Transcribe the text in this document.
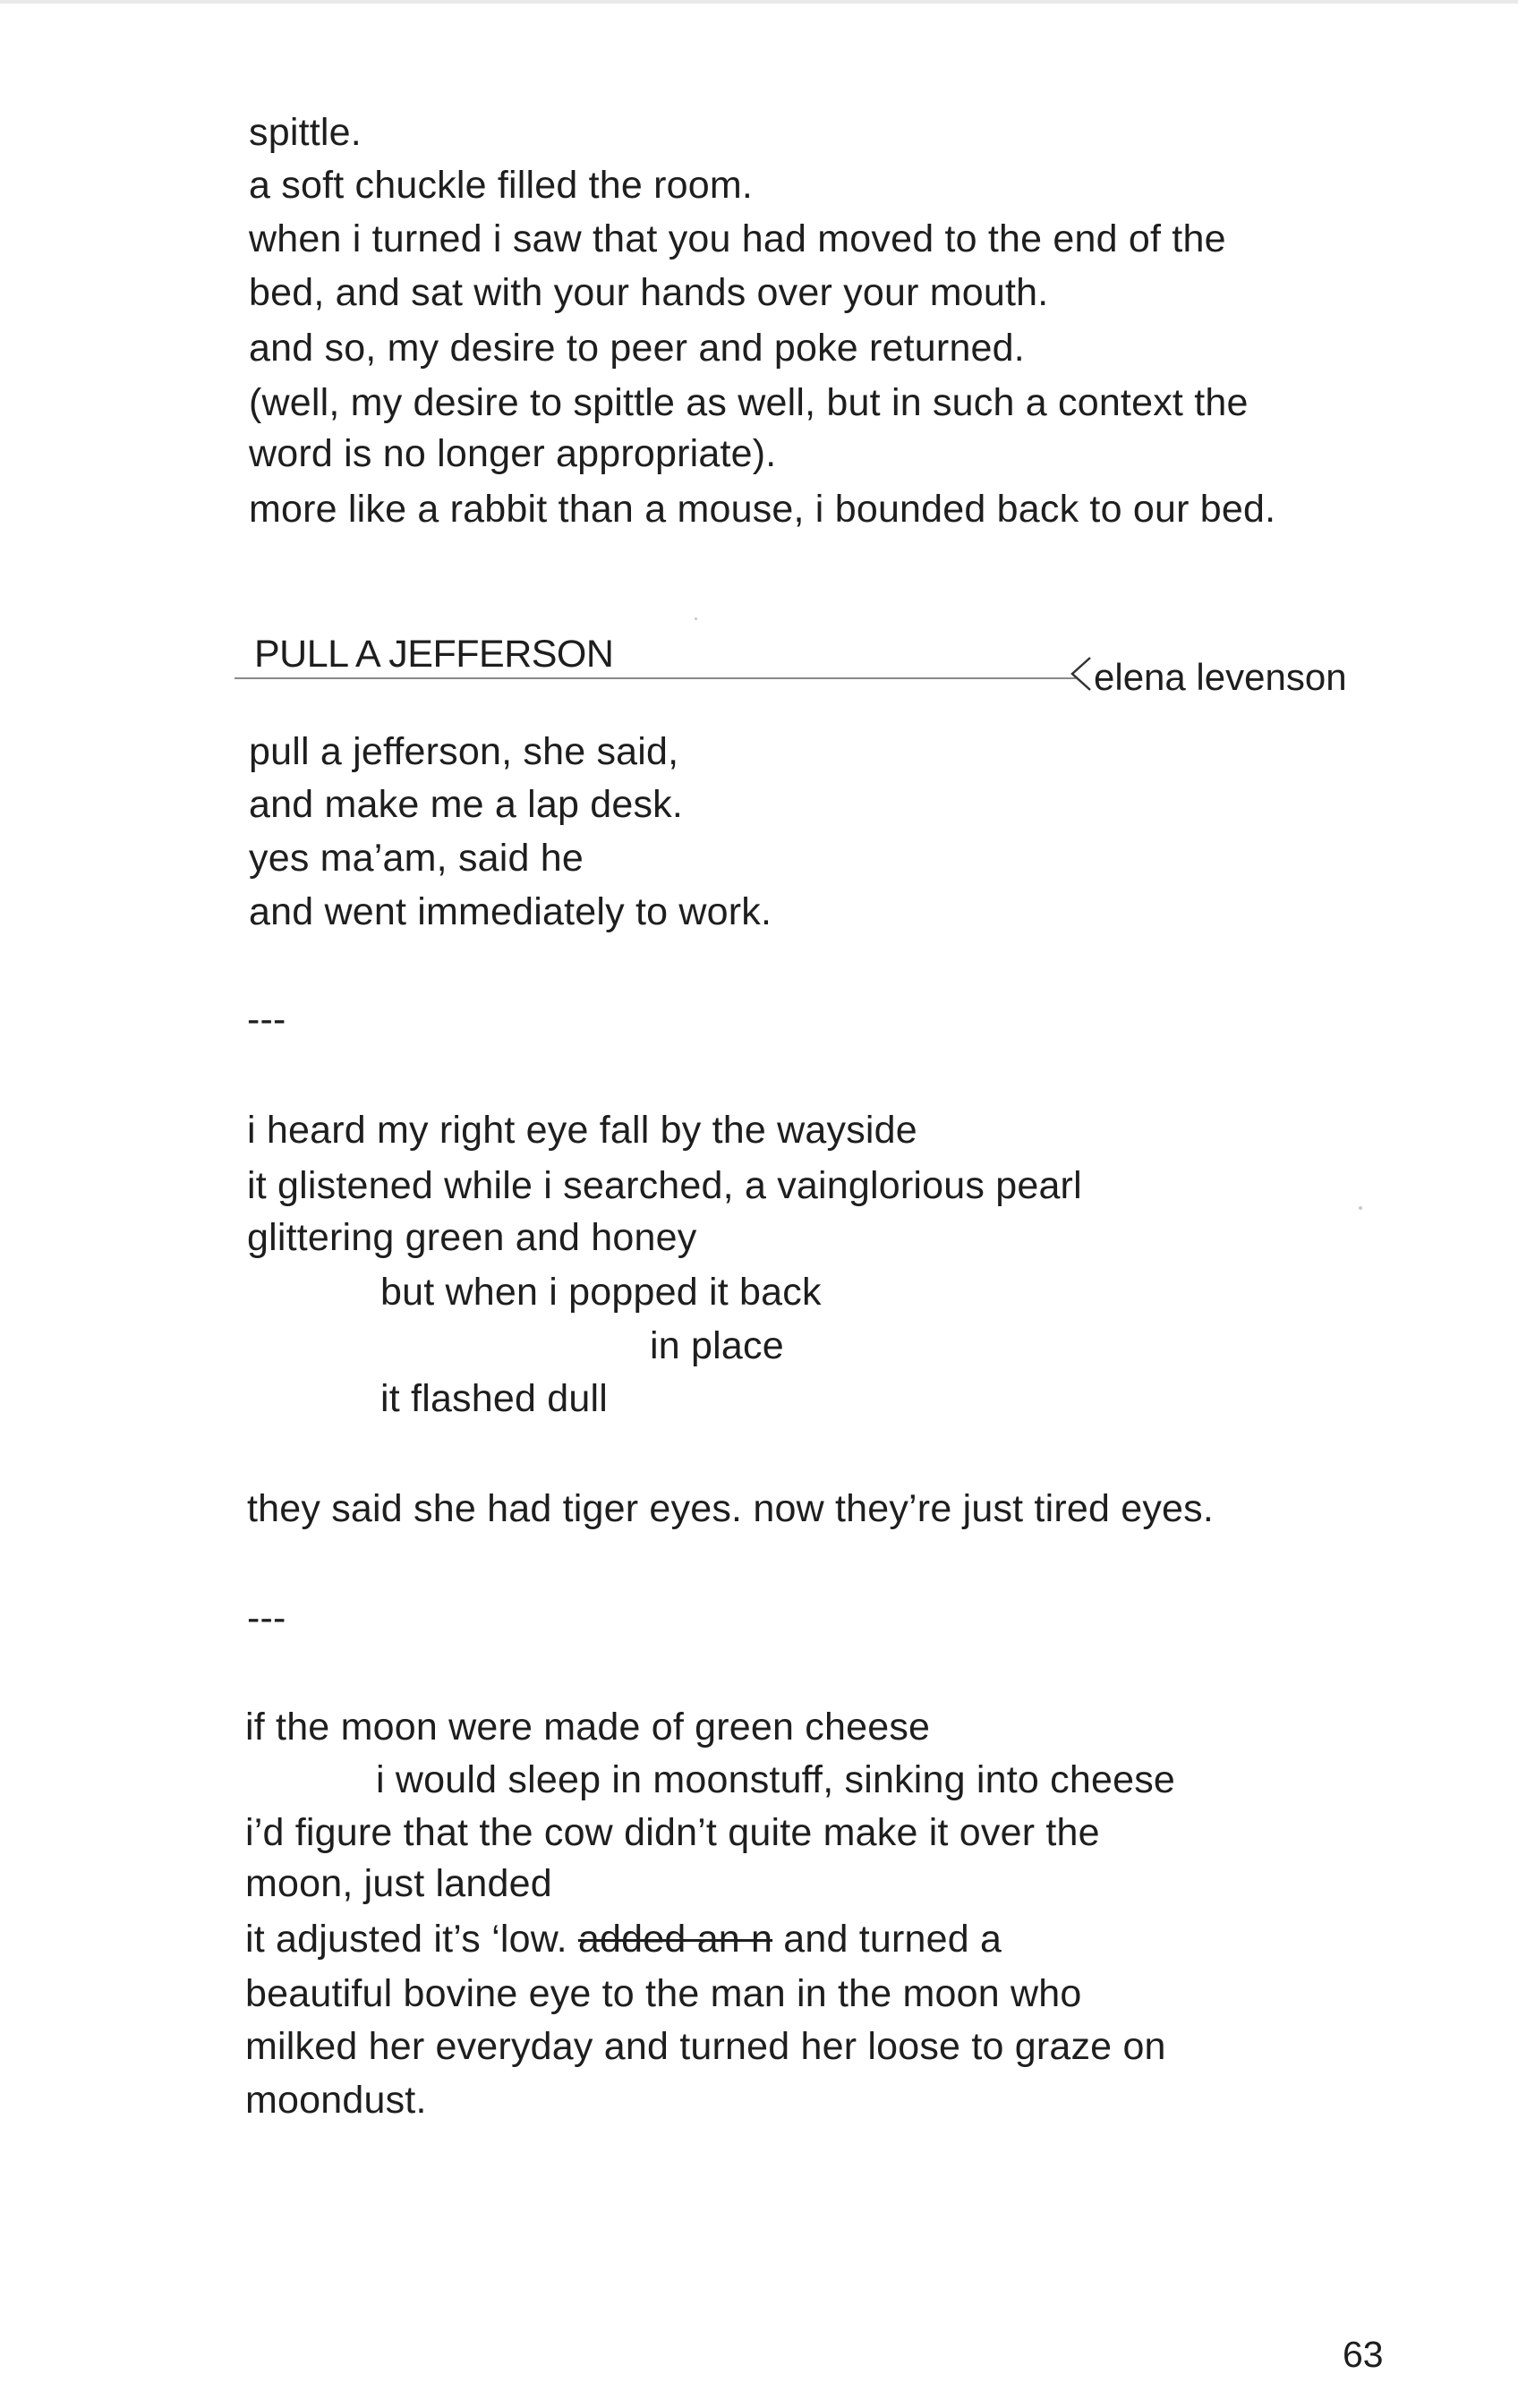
spittle.
a soft chuckle filled the room.
when i turned i saw that you had moved to the end of the
bed, and sat with your hands over your mouth.
and so, my desire to peer and poke returned.
(well, my desire to spittle as well, but in such a context the
word is no longer appropriate).
more like a rabbit than a mouse, i bounded back to our bed.
PULL A JEFFERSON
elena levenson
pull a jefferson, she said,
and make me a lap desk.
yes ma’am, said he
and went immediately to work.
---
i heard my right eye fall by the wayside
it glistened while i searched, a vainglorious pearl
glittering green and honey
but when i popped it back
in place
it flashed dull
they said she had tiger eyes. now they’re just tired eyes.
---
if the moon were made of green cheese
i would sleep in moonstuff, sinking into cheese
i’d figure that the cow didn’t quite make it over the
moon, just landed
it adjusted it’s ‘low. added an n and turned a
beautiful bovine eye to the man in the moon who
milked her everyday and turned her loose to graze on
moondust.
63
